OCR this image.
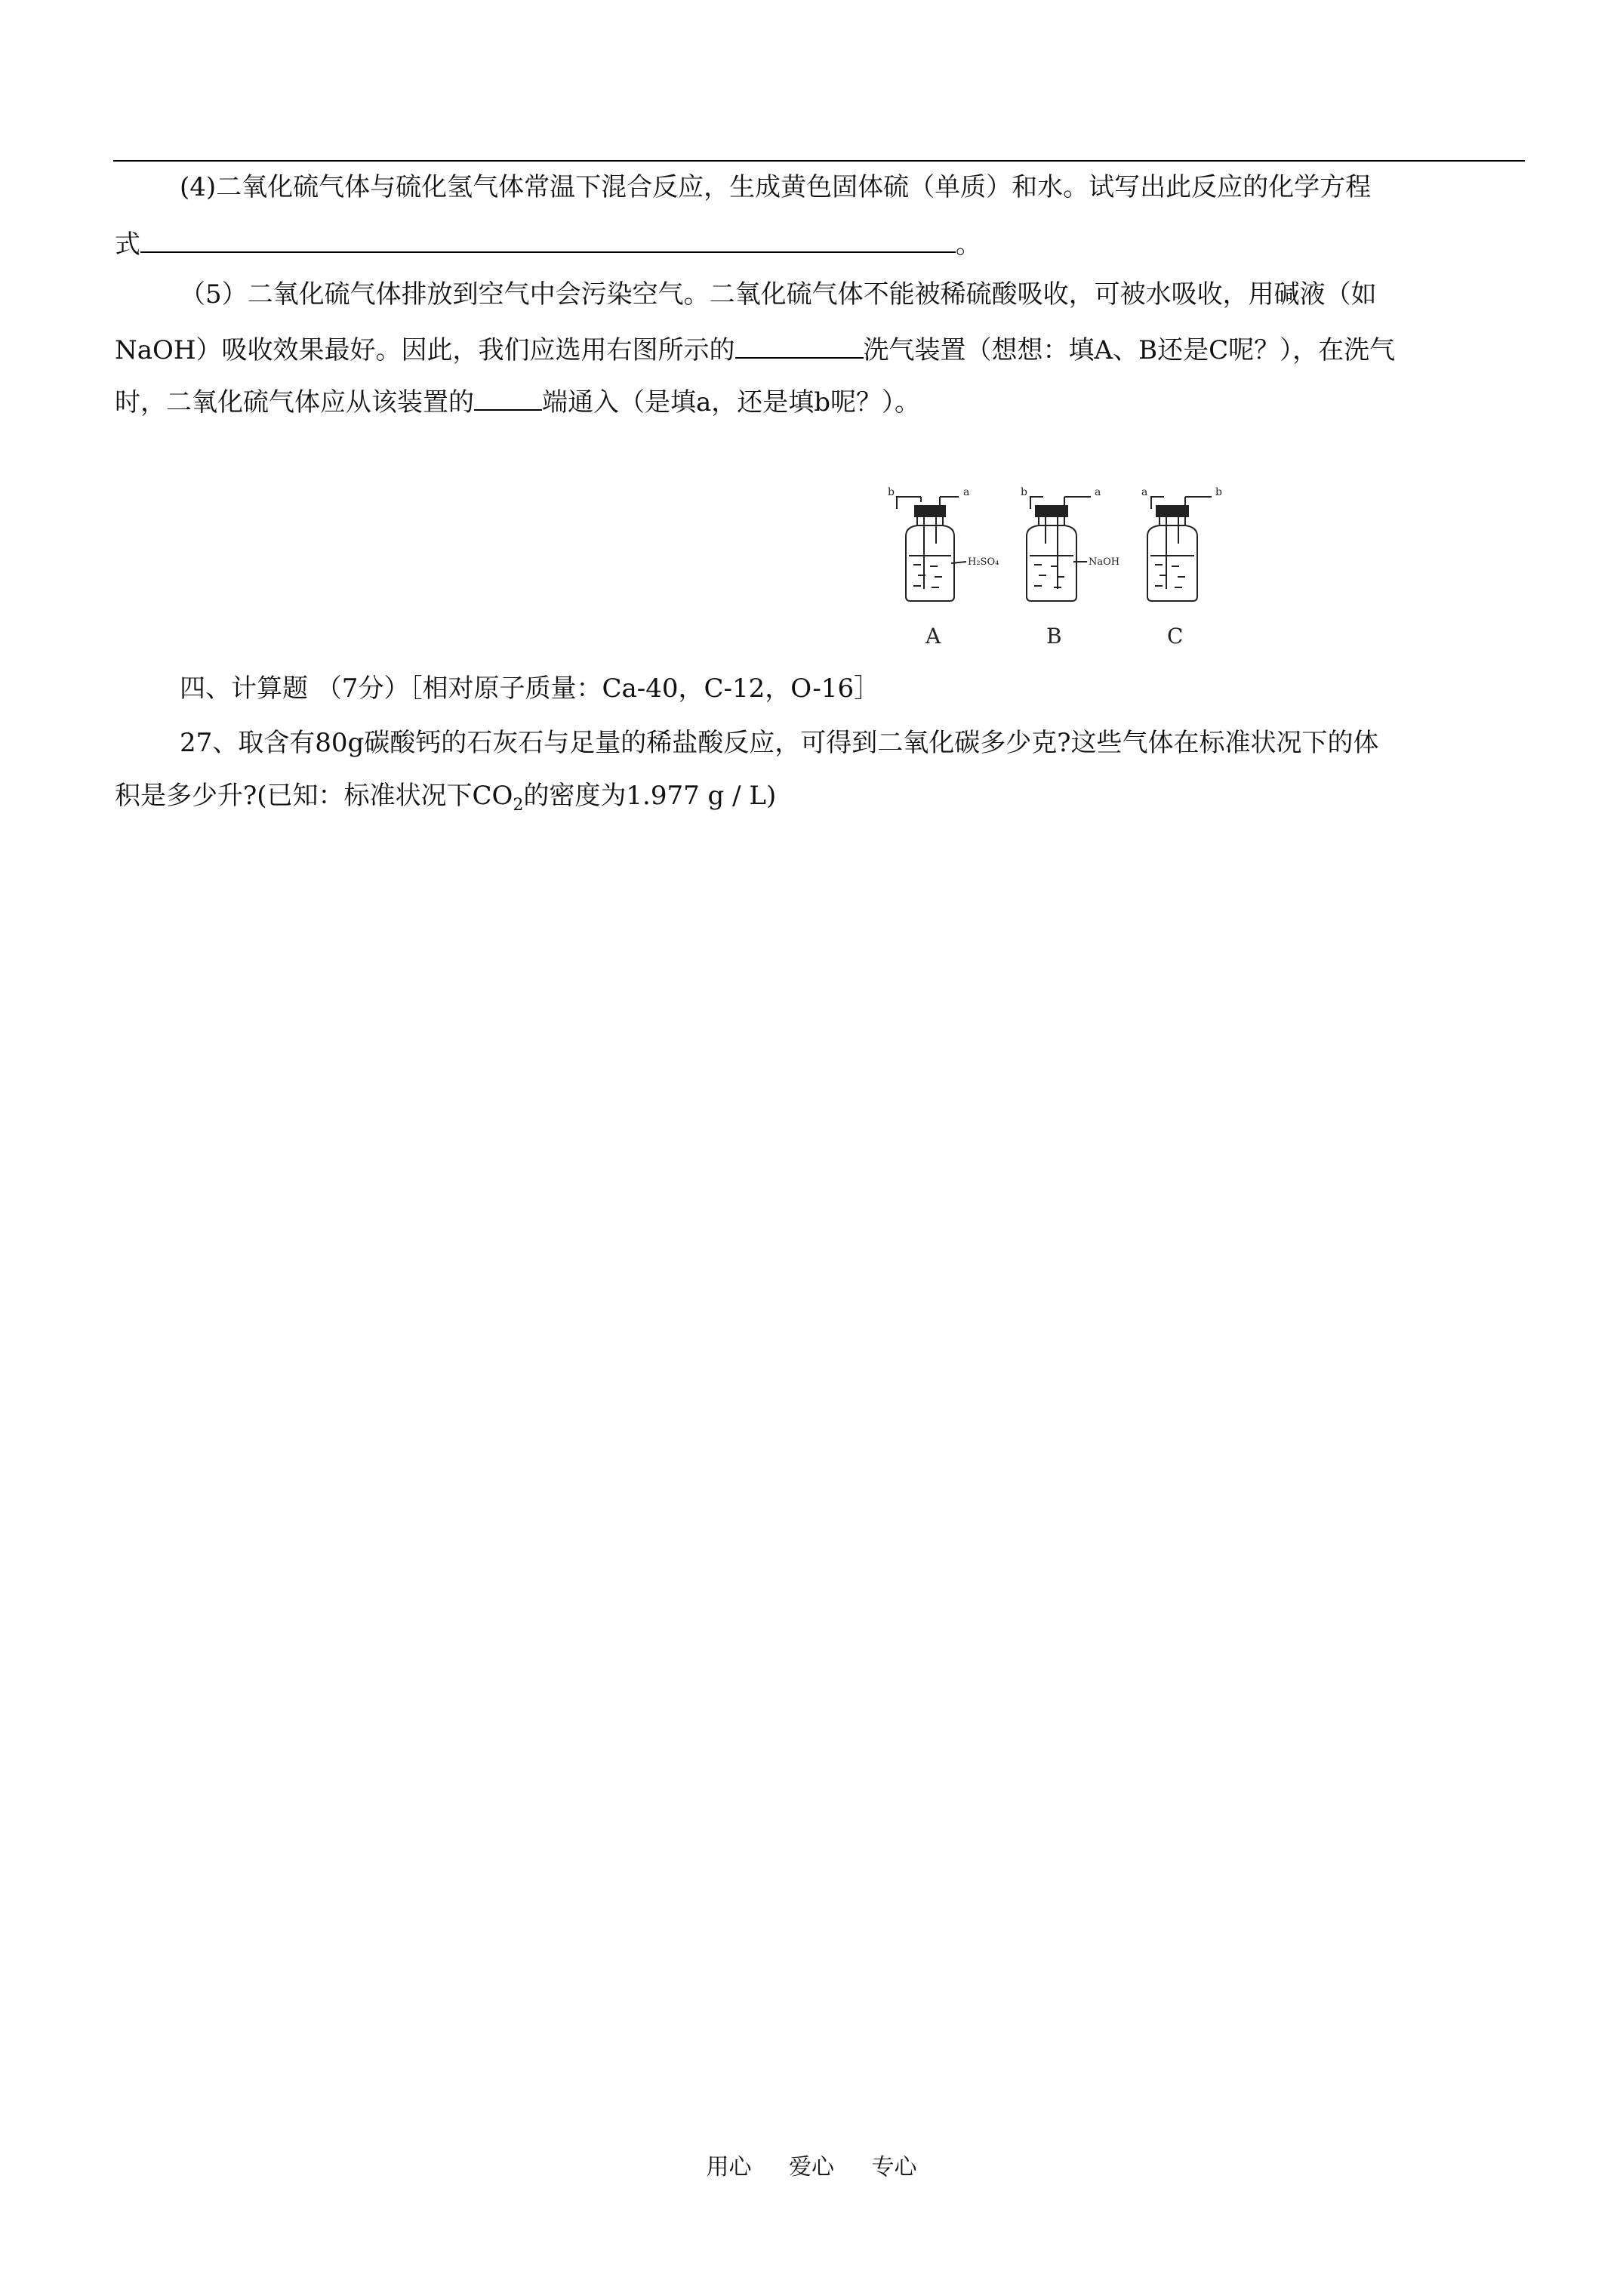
(4)二氧化硫气体与硫化氢气体常温下混合反应，生成黄色固体硫（单质）和水。试写出此反应的化学方程
式	。
（5）二氧化硫气体排放到空气中会污染空气。二氧化硫气体不能被稀硫酸吸收，可被水吸收，用碱液（如
NaOH）吸收效果最好。因此，我们应选用右图所示的	洗气装置（想想：填A、B还是C呢？），在洗气
时，二氧化硫气体应从该装置的	端通入（是填a，还是填b呢？）。
b	a
H₂SO₄
A
b	a
NaOH
B
a	b
C
四、计算题 （7分）［相对原子质量：Ca-40，C-12，O-16］
27、取含有80g碳酸钙的石灰石与足量的稀盐酸反应，可得到二氧化碳多少克?这些气体在标准状况下的体
积是多少升?(已知：标准状况下$CO_2$的密度为1.977 g / L)
用心 爱心 专心
